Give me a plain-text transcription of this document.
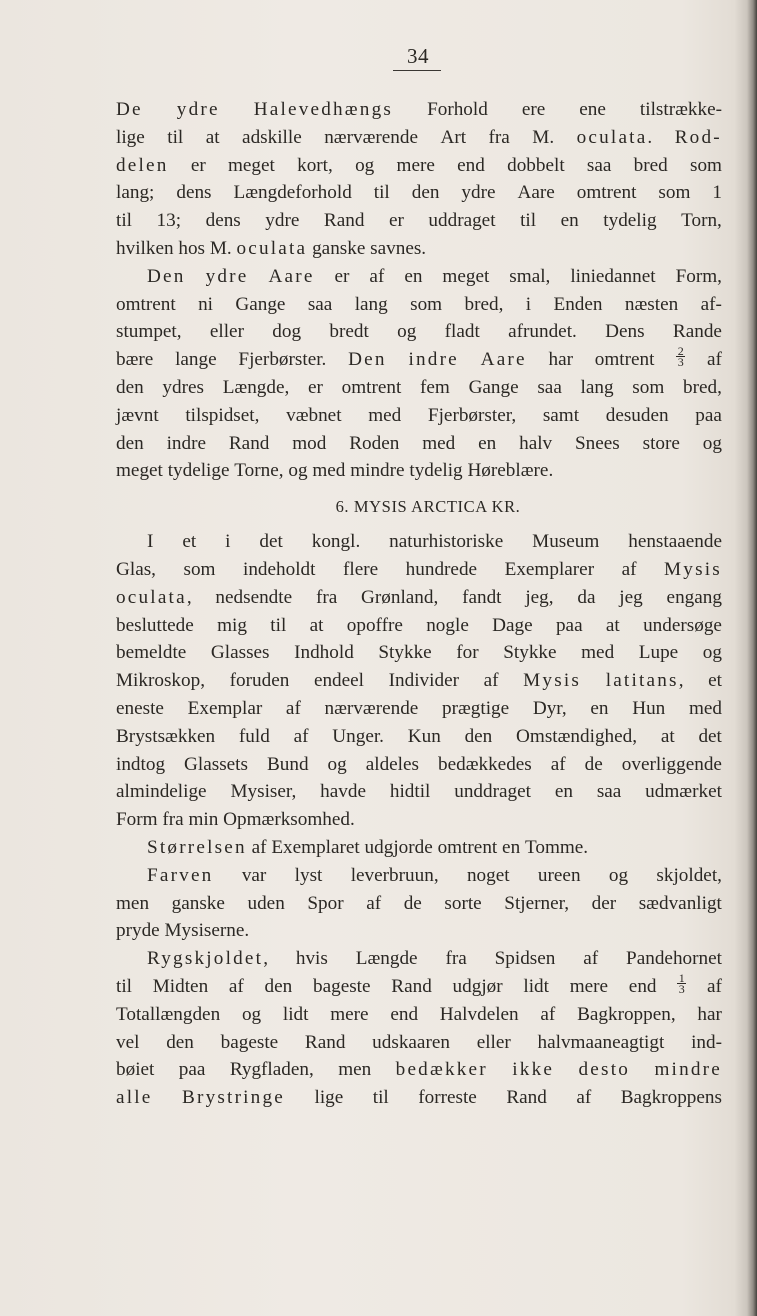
34
De ydre Halevedhængs Forhold ere ene tilstrække-
lige til at adskille nærværende Art fra M. oculata. Rod-
delen er meget kort, og mere end dobbelt saa bred som
lang; dens Længdeforhold til den ydre Aare omtrent som 1
til 13; dens ydre Rand er uddraget til en tydelig Torn,
hvilken
hos
M.
oculata
ganske
savnes.
Den ydre Aare er af en meget smal, liniedannet Form,
omtrent ni Gange saa lang som bred, i Enden næsten af-
stumpet, eller dog bredt og fladt afrundet. Dens Rande
bære lange Fjerbørster. Den indre Aare har omtrent $\frac{2}{3}$ af
den ydres Længde, er omtrent fem Gange saa lang som bred,
jævnt tilspidset, væbnet med Fjerbørster, samt desuden paa
den indre Rand mod Roden med en halv Snees store og
meget
tydelige
Torne,
og
med
mindre
tydelig
Høreblære.
6. MYSIS ARCTICA KR.
I et i det kongl. naturhistoriske Museum henstaaende
Glas, som indeholdt flere hundrede Exemplarer af Mysis
oculata, nedsendte fra Grønland, fandt jeg, da jeg engang
besluttede mig til at opoffre nogle Dage paa at undersøge
bemeldte Glasses Indhold Stykke for Stykke med Lupe og
Mikroskop, foruden endeel Individer af Mysis latitans, et
eneste Exemplar af nærværende prægtige Dyr, en Hun med
Brystsækken fuld af Unger. Kun den Omstændighed, at det
indtog Glassets Bund og aldeles bedækkedes af de overliggende
almindelige Mysiser, havde hidtil unddraget en saa udmærket
Form
fra
min
Opmærksomhed.
Størrelsen
af
Exemplaret
udgjorde
omtrent
en
Tomme.
Farven var lyst leverbruun, noget ureen og skjoldet,
men ganske uden Spor af de sorte Stjerner, der sædvanligt
pryde
Mysiserne.
Rygskjoldet, hvis Længde fra Spidsen af Pandehornet
til Midten af den bageste Rand udgjør lidt mere end $\frac{1}{3}$ af
Totallængden og lidt mere end Halvdelen af Bagkroppen, har
vel den bageste Rand udskaaren eller halvmaaneagtigt ind-
bøiet paa Rygfladen, men bedækker ikke desto mindre
alle Brystringe lige til forreste Rand af Bagkroppens
